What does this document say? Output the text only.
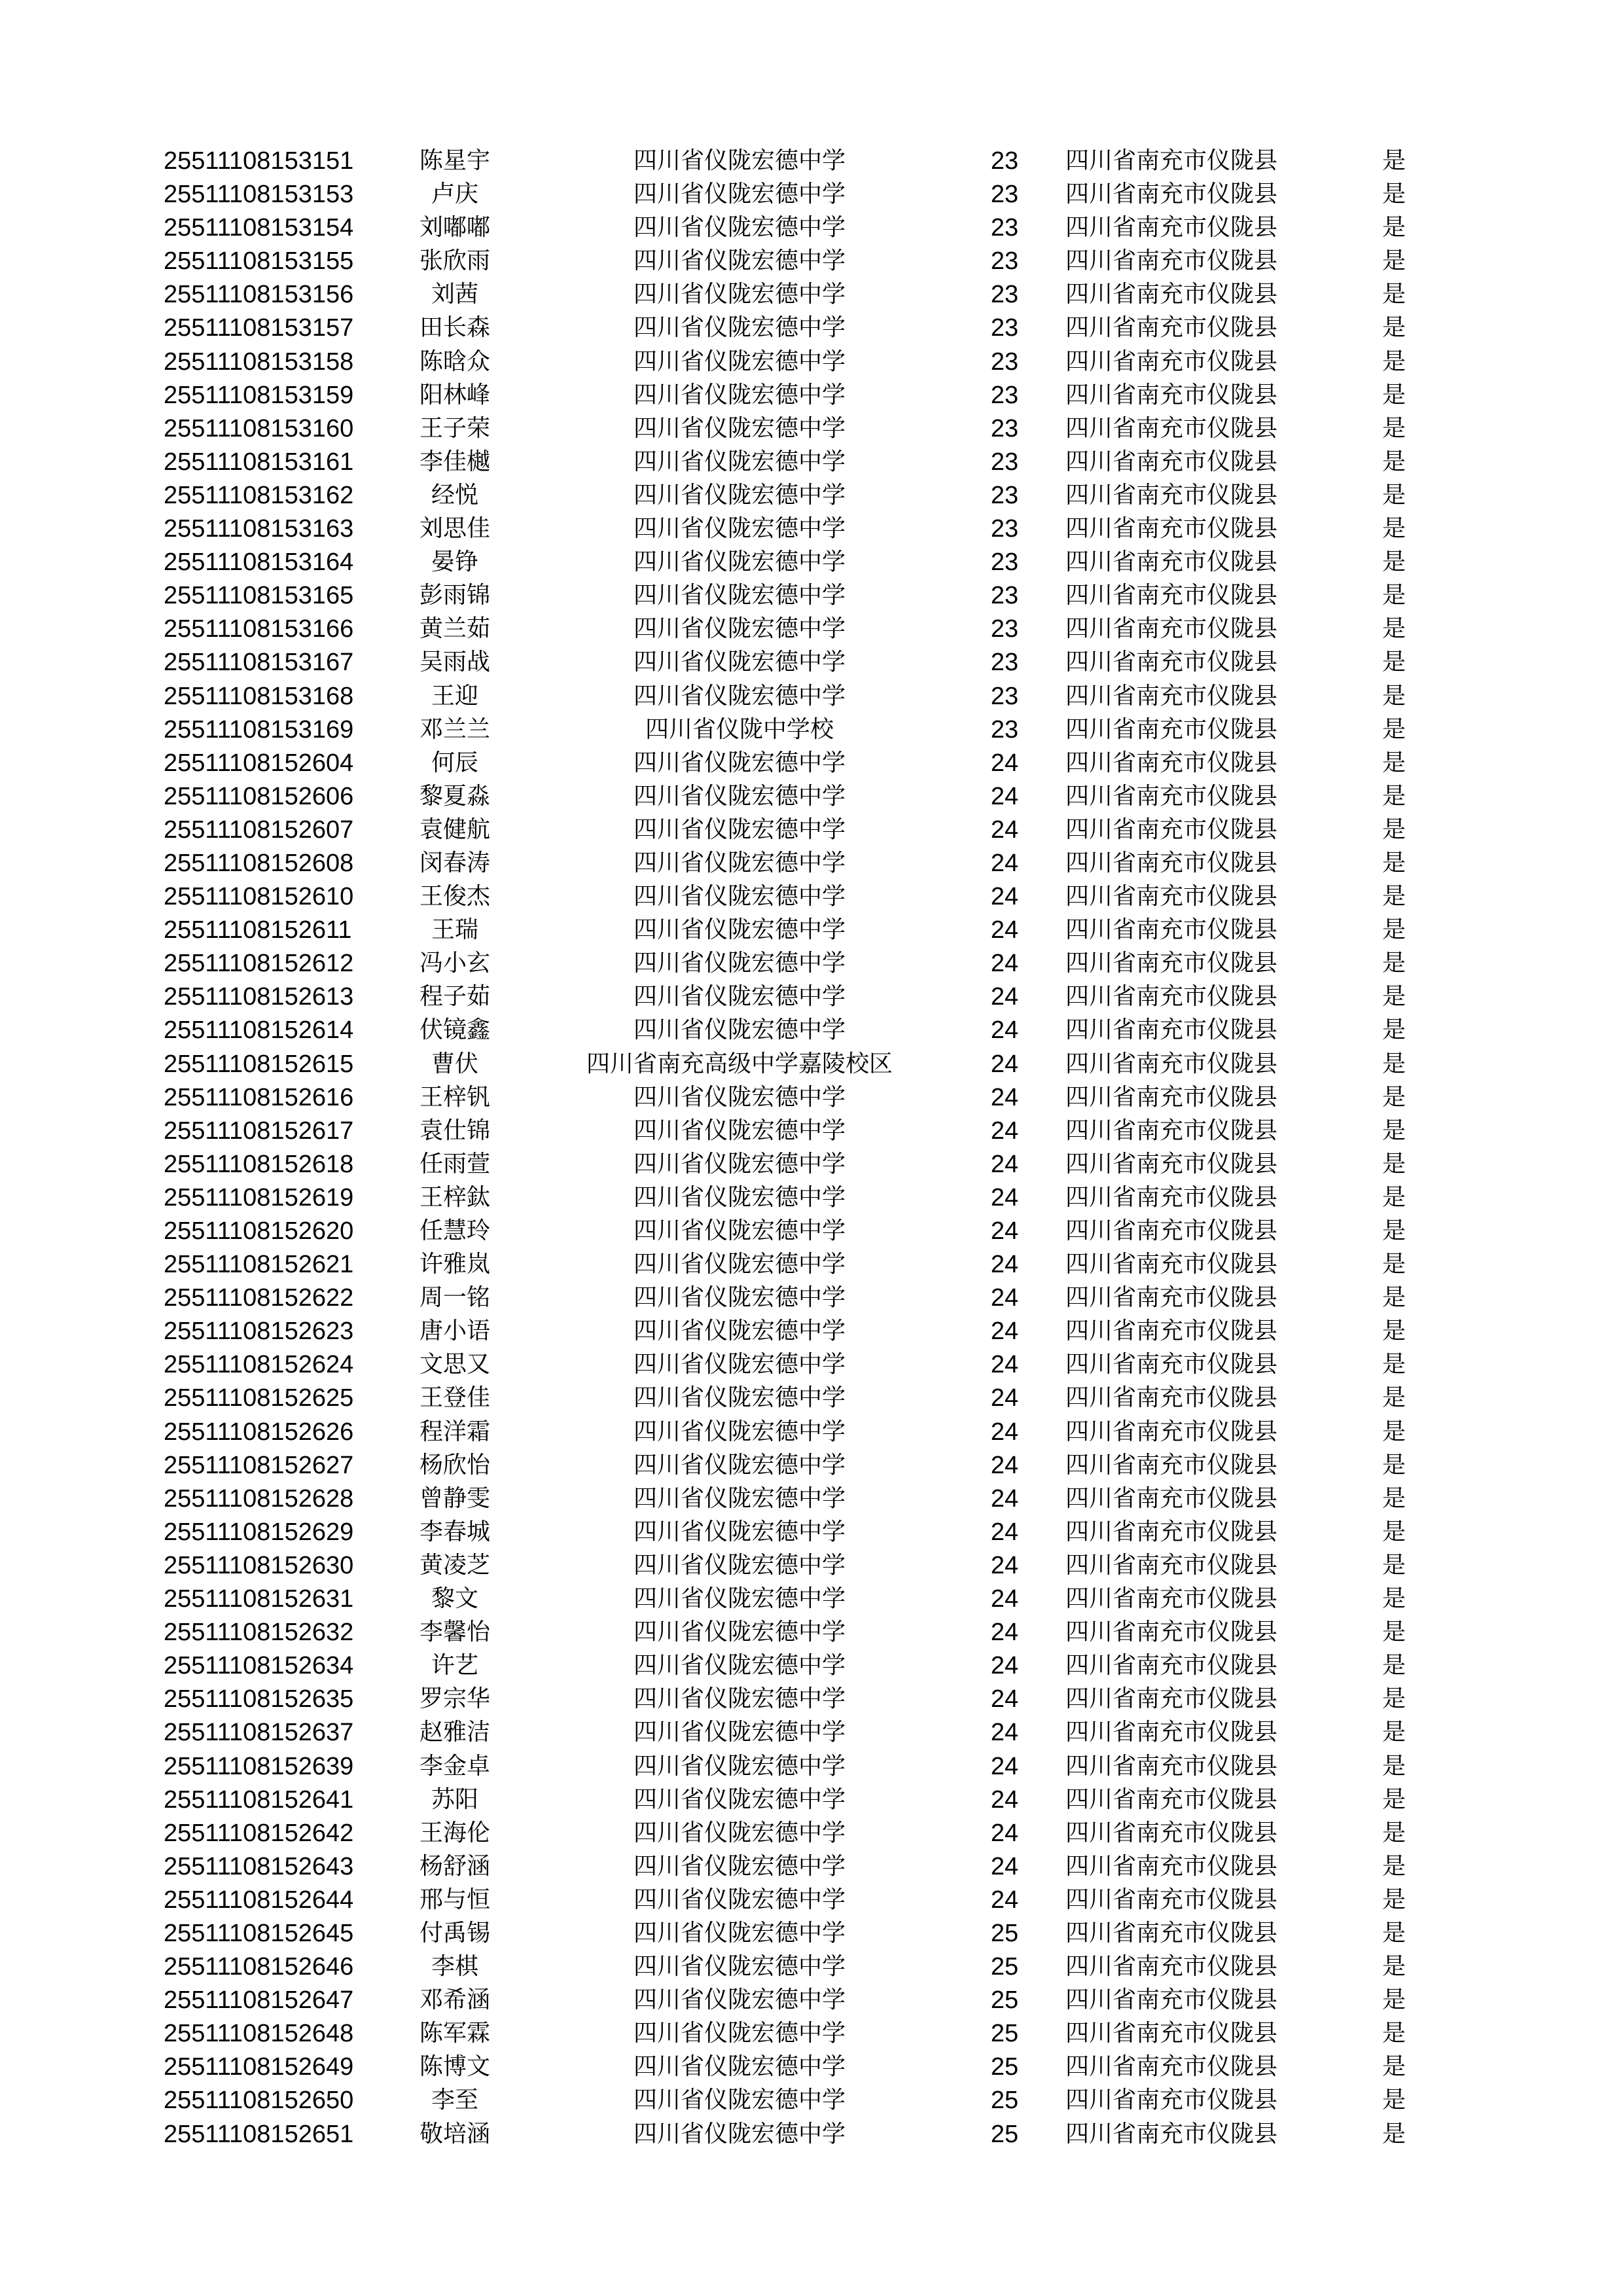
25511108153151	陈星宇	四川省仪陇宏德中学	23 四川省南充市仪陇县	是
25511108153153	卢庆	四川省仪陇宏德中学	23 四川省南充市仪陇县	是
25511108153154	刘嘟嘟	四川省仪陇宏德中学	23 四川省南充市仪陇县	是
25511108153155	张欣雨	四川省仪陇宏德中学	23 四川省南充市仪陇县	是
25511108153156	刘茜	四川省仪陇宏德中学	23 四川省南充市仪陇县	是
25511108153157	田长森	四川省仪陇宏德中学	23 四川省南充市仪陇县	是
25511108153158	陈晗众	四川省仪陇宏德中学	23 四川省南充市仪陇县	是
25511108153159	阳林峰	四川省仪陇宏德中学	23 四川省南充市仪陇县	是
25511108153160	王子荣	四川省仪陇宏德中学	23 四川省南充市仪陇县	是
25511108153161	李佳樾	四川省仪陇宏德中学	23 四川省南充市仪陇县	是
25511108153162	经悦	四川省仪陇宏德中学	23 四川省南充市仪陇县	是
25511108153163	刘思佳	四川省仪陇宏德中学	23 四川省南充市仪陇县	是
25511108153164	晏铮	四川省仪陇宏德中学	23 四川省南充市仪陇县	是
25511108153165	彭雨锦	四川省仪陇宏德中学	23 四川省南充市仪陇县	是
25511108153166	黄兰茹	四川省仪陇宏德中学	23 四川省南充市仪陇县	是
25511108153167	吴雨战	四川省仪陇宏德中学	23 四川省南充市仪陇县	是
25511108153168	王迎	四川省仪陇宏德中学	23 四川省南充市仪陇县	是
25511108153169	邓兰兰	四川省仪陇中学校	23 四川省南充市仪陇县	是
25511108152604	何辰	四川省仪陇宏德中学	24 四川省南充市仪陇县	是
25511108152606	黎夏淼	四川省仪陇宏德中学	24 四川省南充市仪陇县	是
25511108152607	袁健航	四川省仪陇宏德中学	24 四川省南充市仪陇县	是
25511108152608	闵春涛	四川省仪陇宏德中学	24 四川省南充市仪陇县	是
25511108152610	王俊杰	四川省仪陇宏德中学	24 四川省南充市仪陇县	是
25511108152611	王瑞	四川省仪陇宏德中学	24 四川省南充市仪陇县	是
25511108152612	冯小玄	四川省仪陇宏德中学	24 四川省南充市仪陇县	是
25511108152613	程子茹	四川省仪陇宏德中学	24 四川省南充市仪陇县	是
25511108152614	伏镜鑫	四川省仪陇宏德中学	24 四川省南充市仪陇县	是
25511108152615	曹伏	四川省南充高级中学嘉陵校区	24 四川省南充市仪陇县	是
25511108152616	王梓钒	四川省仪陇宏德中学	24 四川省南充市仪陇县	是
25511108152617	袁仕锦	四川省仪陇宏德中学	24 四川省南充市仪陇县	是
25511108152618	任雨萱	四川省仪陇宏德中学	24 四川省南充市仪陇县	是
25511108152619	王梓鈦	四川省仪陇宏德中学	24 四川省南充市仪陇县	是
25511108152620	任慧玲	四川省仪陇宏德中学	24 四川省南充市仪陇县	是
25511108152621	许雅岚	四川省仪陇宏德中学	24 四川省南充市仪陇县	是
25511108152622	周一铭	四川省仪陇宏德中学	24 四川省南充市仪陇县	是
25511108152623	唐小语	四川省仪陇宏德中学	24 四川省南充市仪陇县	是
25511108152624	文思又	四川省仪陇宏德中学	24 四川省南充市仪陇县	是
25511108152625	王登佳	四川省仪陇宏德中学	24 四川省南充市仪陇县	是
25511108152626	程洋霜	四川省仪陇宏德中学	24 四川省南充市仪陇县	是
25511108152627	杨欣怡	四川省仪陇宏德中学	24 四川省南充市仪陇县	是
25511108152628	曾静雯	四川省仪陇宏德中学	24 四川省南充市仪陇县	是
25511108152629	李春城	四川省仪陇宏德中学	24 四川省南充市仪陇县	是
25511108152630	黄凌芝	四川省仪陇宏德中学	24 四川省南充市仪陇县	是
25511108152631	黎文	四川省仪陇宏德中学	24 四川省南充市仪陇县	是
25511108152632	李馨怡	四川省仪陇宏德中学	24 四川省南充市仪陇县	是
25511108152634	许艺	四川省仪陇宏德中学	24 四川省南充市仪陇县	是
25511108152635	罗宗华	四川省仪陇宏德中学	24 四川省南充市仪陇县	是
25511108152637	赵雅洁	四川省仪陇宏德中学	24 四川省南充市仪陇县	是
25511108152639	李金卓	四川省仪陇宏德中学	24 四川省南充市仪陇县	是
25511108152641	苏阳	四川省仪陇宏德中学	24 四川省南充市仪陇县	是
25511108152642	王海伦	四川省仪陇宏德中学	24 四川省南充市仪陇县	是
25511108152643	杨舒涵	四川省仪陇宏德中学	24 四川省南充市仪陇县	是
25511108152644	邢与恒	四川省仪陇宏德中学	24 四川省南充市仪陇县	是
25511108152645	付禹锡	四川省仪陇宏德中学	25 四川省南充市仪陇县	是
25511108152646	李棋	四川省仪陇宏德中学	25 四川省南充市仪陇县	是
25511108152647	邓希涵	四川省仪陇宏德中学	25 四川省南充市仪陇县	是
25511108152648	陈军霖	四川省仪陇宏德中学	25 四川省南充市仪陇县	是
25511108152649	陈博文	四川省仪陇宏德中学	25 四川省南充市仪陇县	是
25511108152650	李至	四川省仪陇宏德中学	25 四川省南充市仪陇县	是
25511108152651	敬培涵	四川省仪陇宏德中学	25 四川省南充市仪陇县	是
